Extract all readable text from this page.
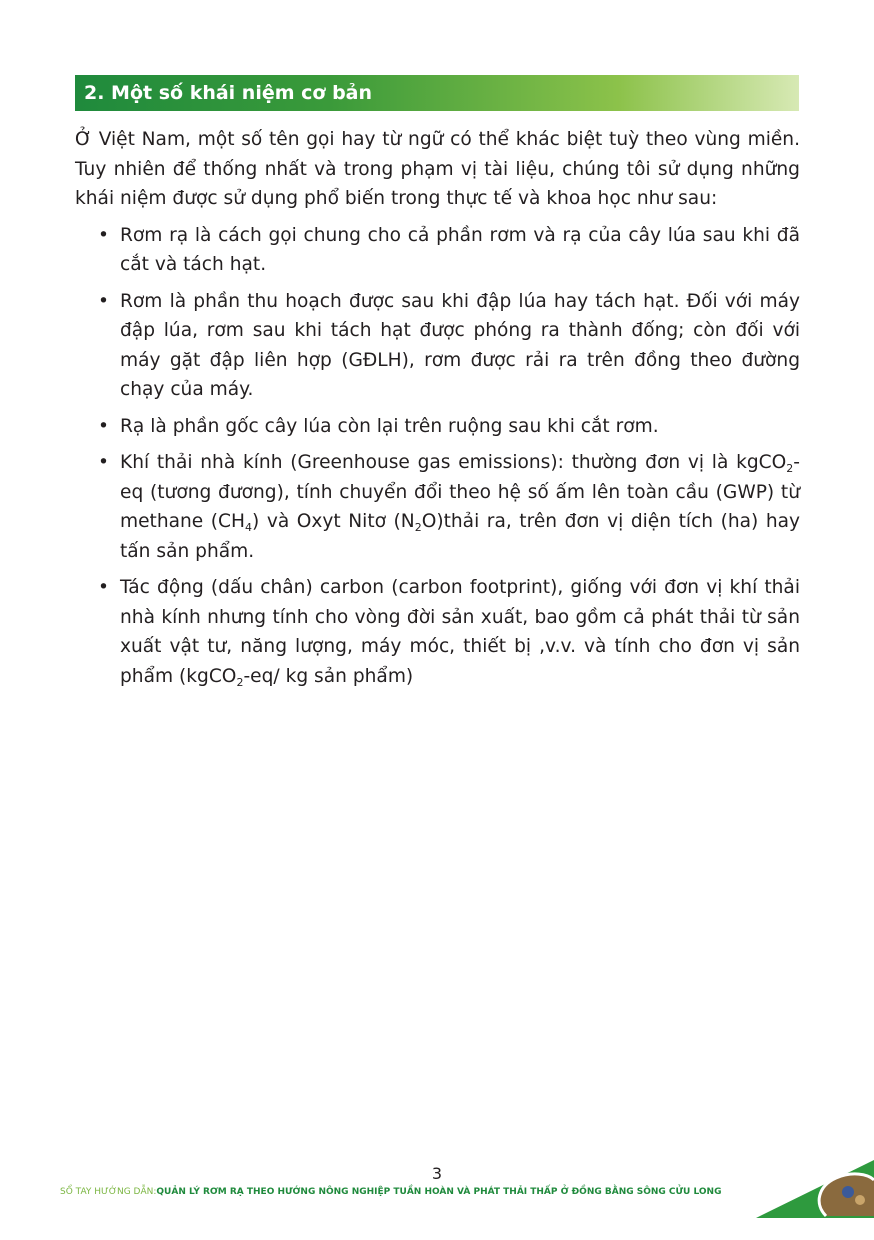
2. Một số khái niệm cơ bản

Ở Việt Nam, một số tên gọi hay từ ngữ có thể khác biệt tuỳ theo vùng miền. Tuy nhiên để thống nhất và trong phạm vị tài liệu, chúng tôi sử dụng những khái niệm được sử dụng phổ biến trong thực tế và khoa học như sau:

• Rơm rạ là cách gọi chung cho cả phần rơm và rạ của cây lúa sau khi đã cắt và tách hạt.
• Rơm là phần thu hoạch được sau khi đập lúa hay tách hạt. Đối với máy đập lúa, rơm sau khi tách hạt được phóng ra thành đống; còn đối với máy gặt đập liên hợp (GĐLH), rơm được rải ra trên đồng theo đường chạy của máy.
• Rạ là phần gốc cây lúa còn lại trên ruộng sau khi cắt rơm.
• Khí thải nhà kính (Greenhouse gas emissions): thường đơn vị là kgCO$_2$-eq (tương đương), tính chuyển đổi theo hệ số ấm lên toàn cầu (GWP) từ methane $(CH_4)$ và Oxyt Nitơ $(N_2O)thải$ ra, trên đơn vị diện tích (ha) hay tấn sản phẩm.
• Tác động (dấu chân) carbon (carbon footprint), giống với đơn vị khí thải nhà kính nhưng tính cho vòng đời sản xuất, bao gồm cả phát thải từ sản xuất vật tư, năng lượng, máy móc, thiết bị ,v.v. và tính cho đơn vị sản phẩm (kgCO$_2$-eq/ kg sản phẩm)
3
SỔ TAY HƯỚNG DẪN:QUẢN LÝ RƠM RẠ THEO HƯỚNG NÔNG NGHIỆP TUẦN HOÀN VÀ PHÁT THẢI THẤP Ở ĐỒNG BẰNG SÔNG CỬU LONG
